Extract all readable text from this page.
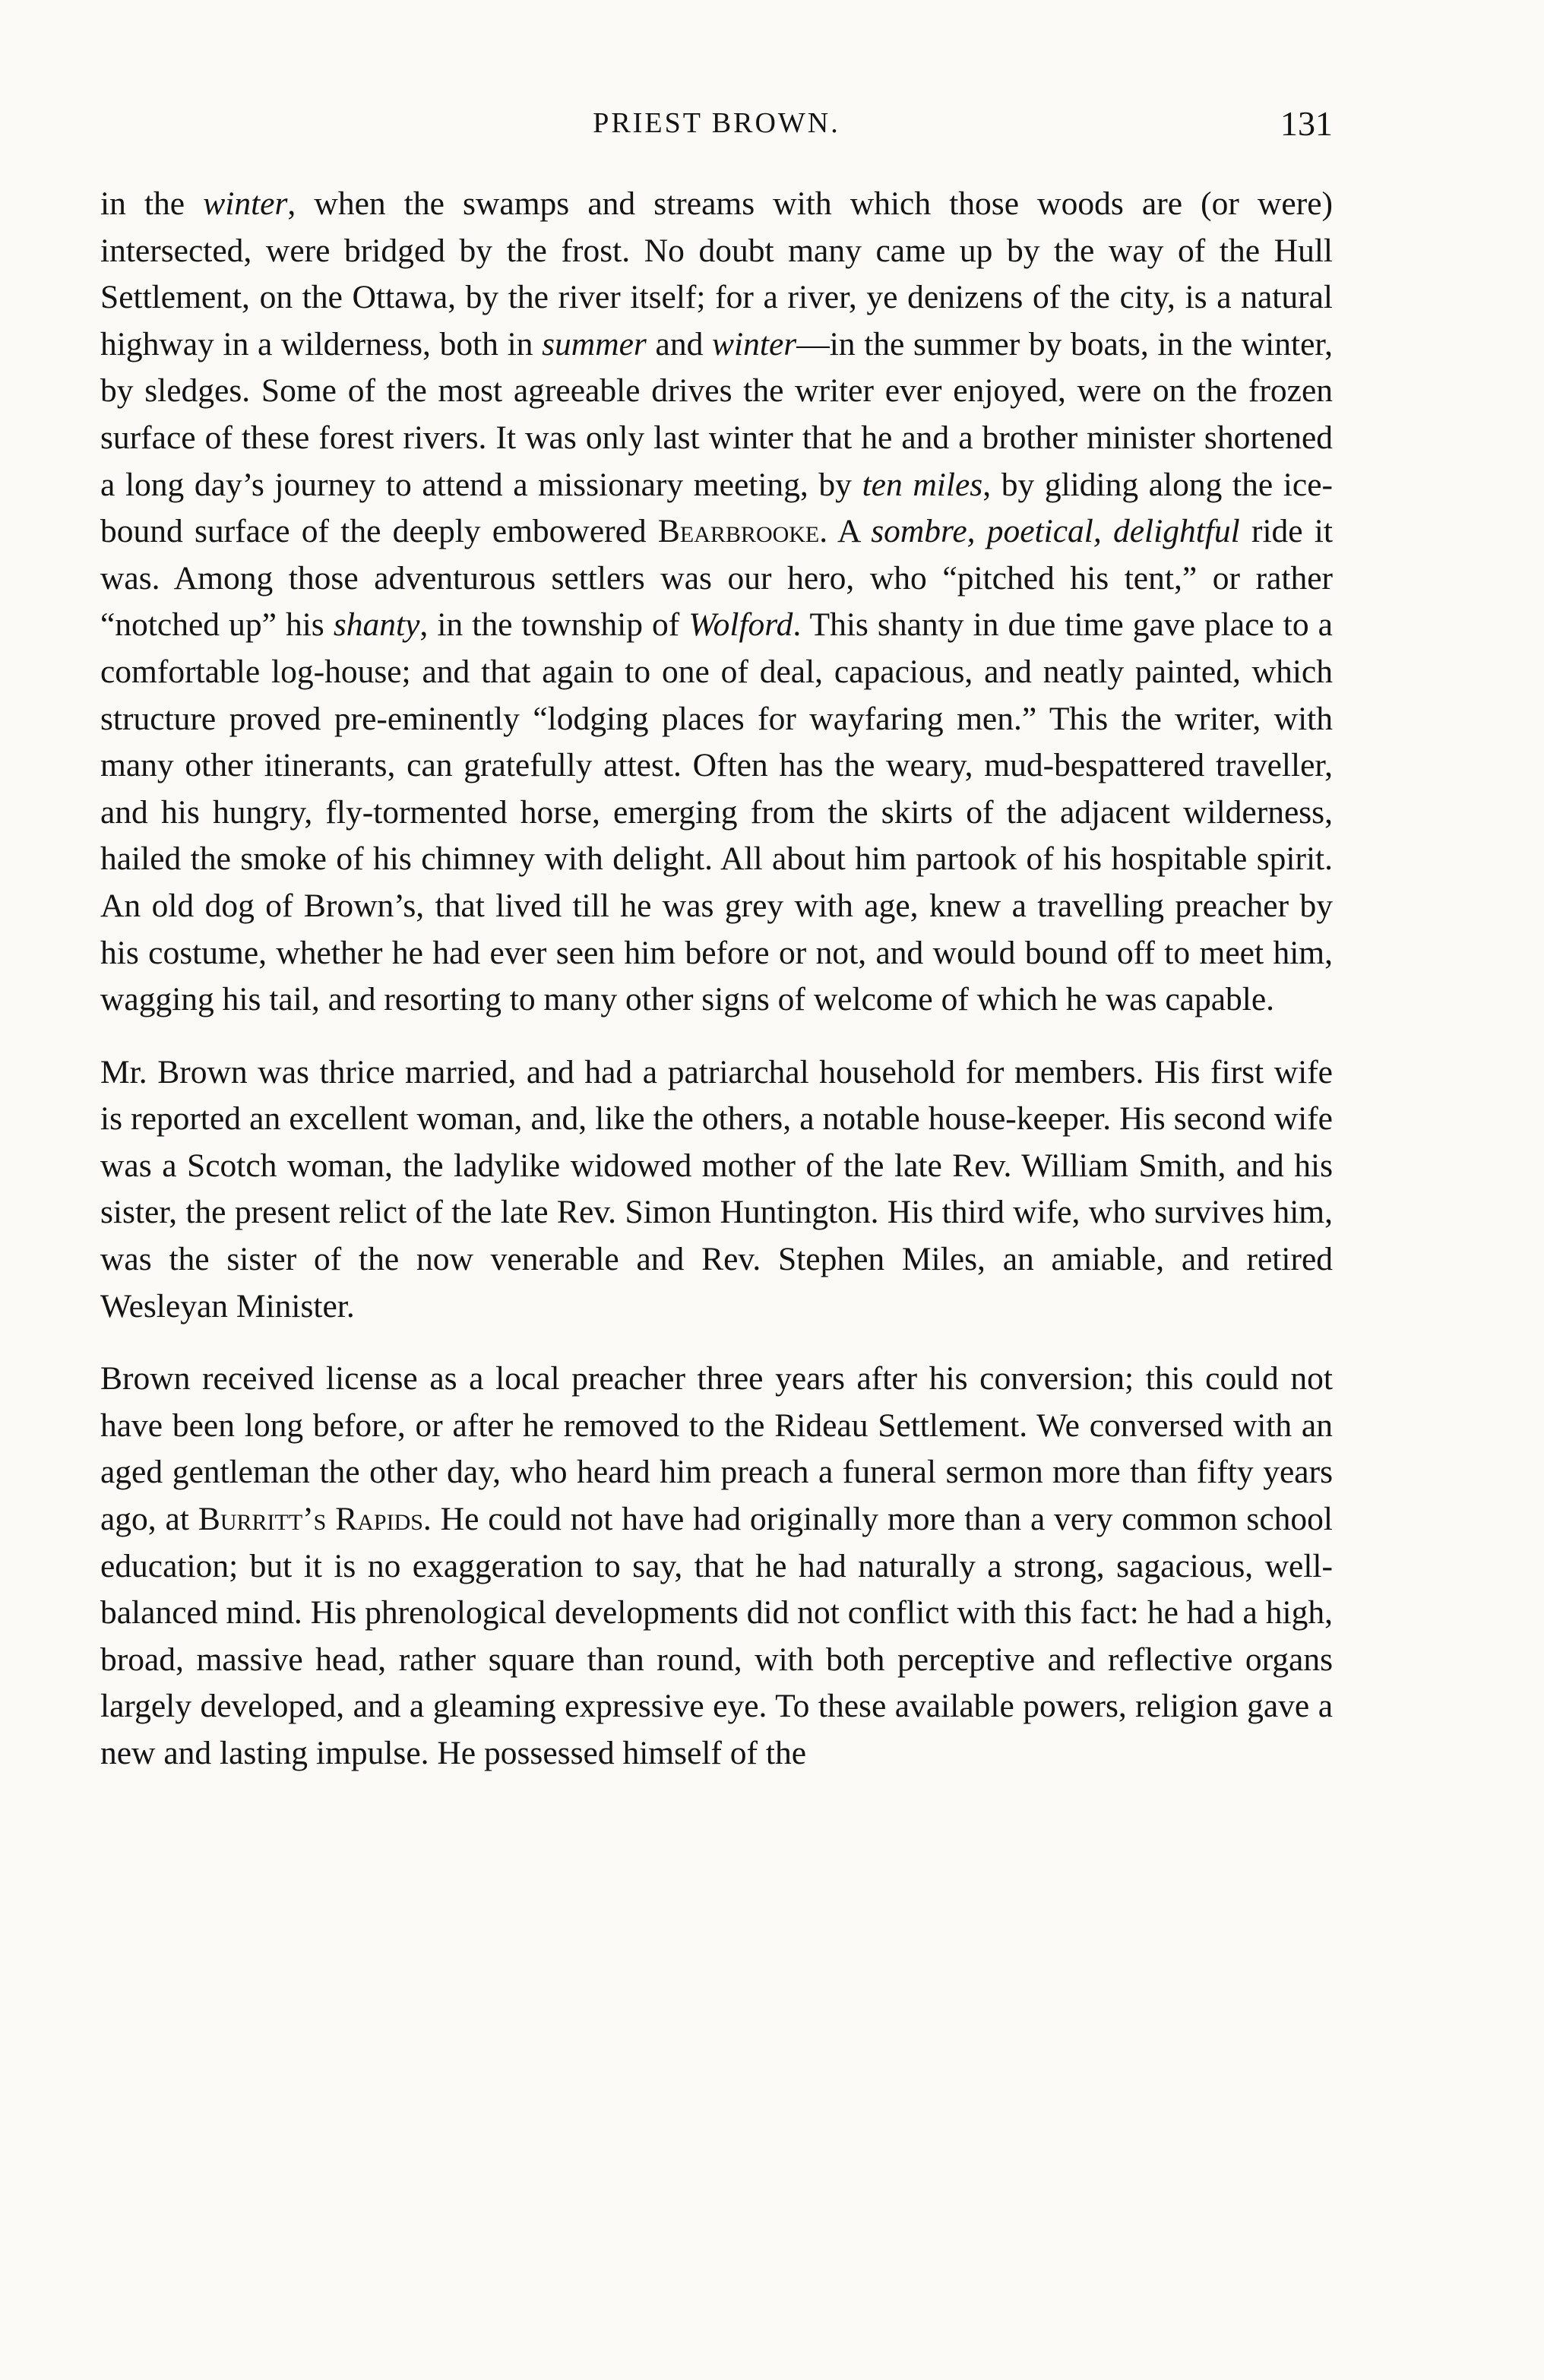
PRIEST BROWN.	131

in the winter, when the swamps and streams with which those woods are (or were) intersected, were bridged by the frost. No doubt many came up by the way of the Hull Settlement, on the Ottawa, by the river itself; for a river, ye denizens of the city, is a natural highway in a wilderness, both in summer and winter—in the summer by boats, in the winter, by sledges. Some of the most agreeable drives the writer ever enjoyed, were on the frozen surface of these forest rivers. It was only last winter that he and a brother minister shortened a long day’s journey to attend a missionary meeting, by ten miles, by gliding along the ice-bound surface of the deeply embowered Bearbrooke. A sombre, poetical, delightful ride it was. Among those adventurous settlers was our hero, who “pitched his tent,” or rather “notched up” his shanty, in the township of Wolford. This shanty in due time gave place to a comfortable log-house; and that again to one of deal, capacious, and neatly painted, which structure proved pre-eminently “lodging places for wayfaring men.” This the writer, with many other itinerants, can gratefully attest. Often has the weary, mud-bespattered traveller, and his hungry, fly-tormented horse, emerging from the skirts of the adjacent wilderness, hailed the smoke of his chimney with delight. All about him partook of his hospitable spirit. An old dog of Brown’s, that lived till he was grey with age, knew a travelling preacher by his costume, whether he had ever seen him before or not, and would bound off to meet him, wagging his tail, and resorting to many other signs of welcome of which he was capable.

Mr. Brown was thrice married, and had a patriarchal household for members. His first wife is reported an excellent woman, and, like the others, a notable house-keeper. His second wife was a Scotch woman, the ladylike widowed mother of the late Rev. William Smith, and his sister, the present relict of the late Rev. Simon Huntington. His third wife, who survives him, was the sister of the now venerable and Rev. Stephen Miles, an amiable, and retired Wesleyan Minister.

Brown received license as a local preacher three years after his conversion; this could not have been long before, or after he removed to the Rideau Settlement. We conversed with an aged gentleman the other day, who heard him preach a funeral sermon more than fifty years ago, at Burritt’s Rapids. He could not have had originally more than a very common school education; but it is no exaggeration to say, that he had naturally a strong, sagacious, well-balanced mind. His phrenological developments did not conflict with this fact: he had a high, broad, massive head, rather square than round, with both perceptive and reflective organs largely developed, and a gleaming expressive eye. To these available powers, religion gave a new and lasting impulse. He possessed himself of the
